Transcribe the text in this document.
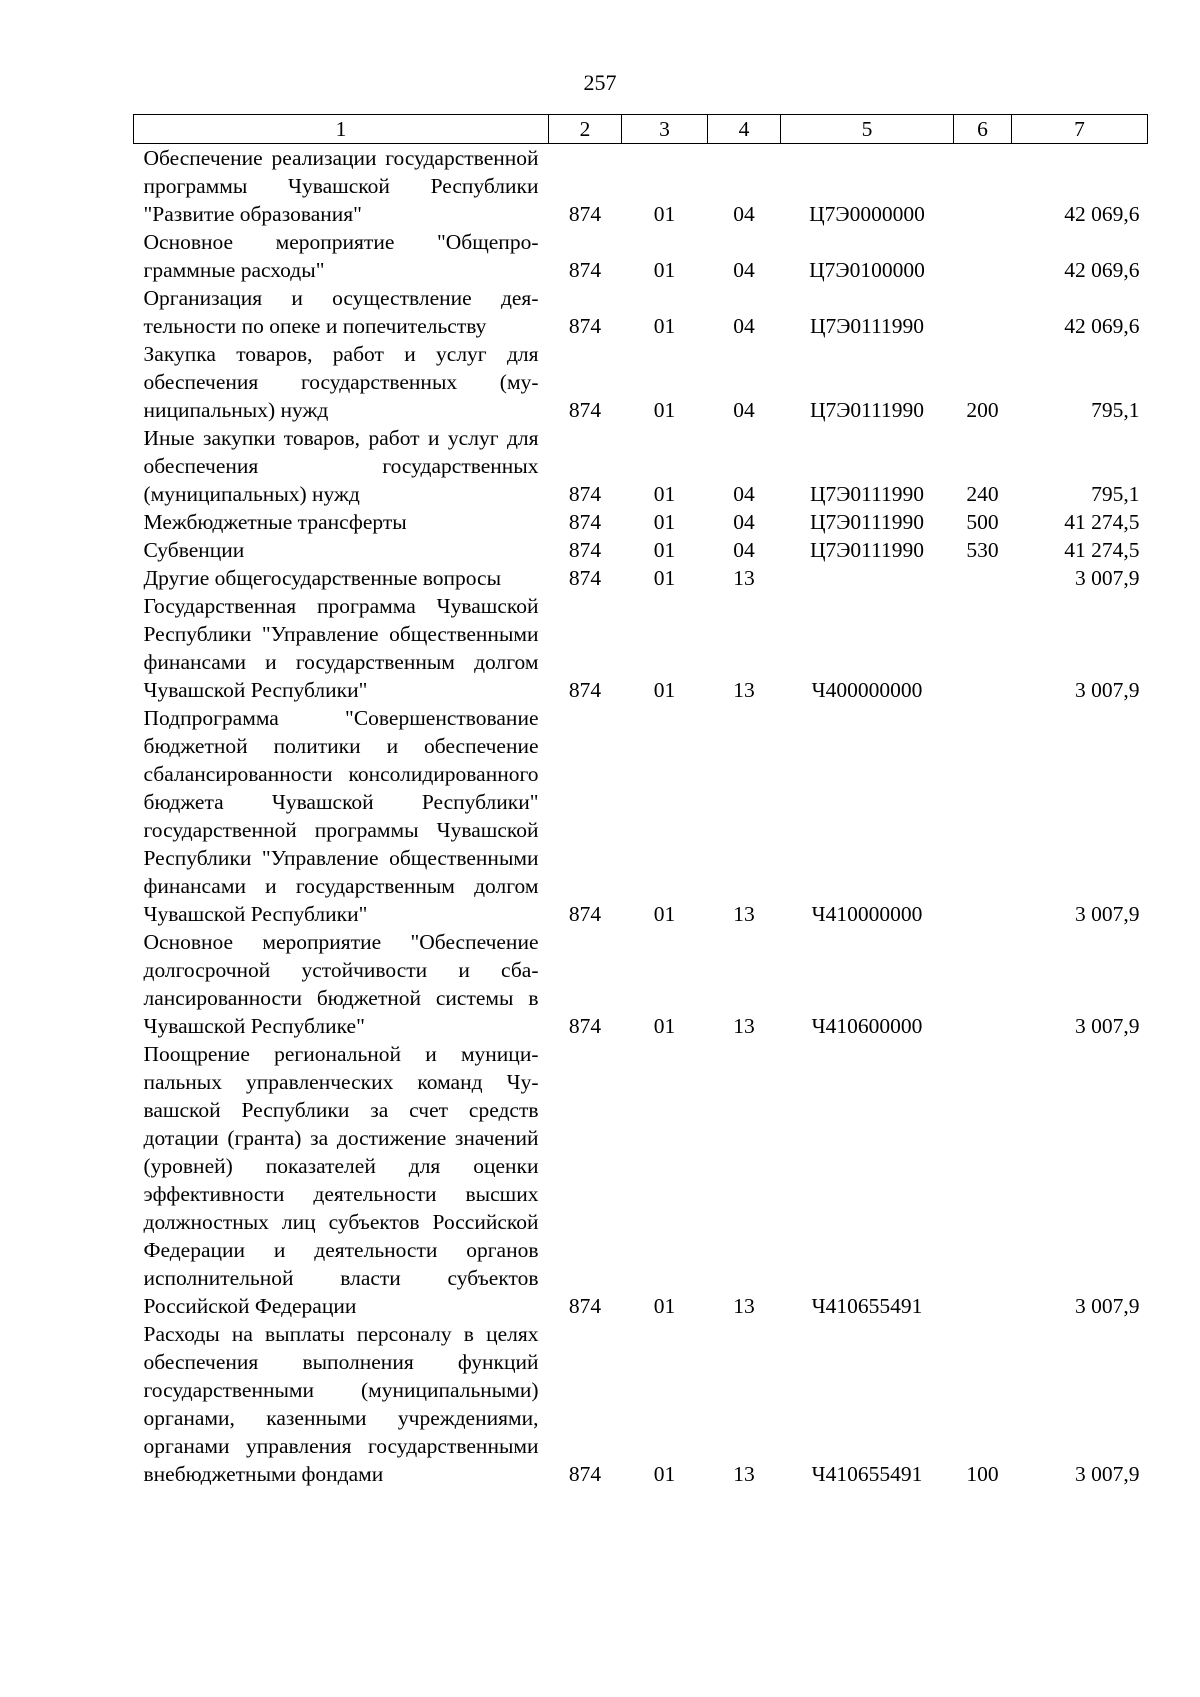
257
1	2	3	4	5	6	7
Обеспечение реализации государственной программы Чувашской Республики "Развитие образования"	874	01	04	Ц7Э0000000		42 069,6
Основное мероприятие "Общепрограммные расходы"	874	01	04	Ц7Э0100000		42 069,6
Организация и осуществление деятельности по опеке и попечительству	874	01	04	Ц7Э0111990		42 069,6
Закупка товаров, работ и услуг для обеспечения государственных (муниципальных) нужд	874	01	04	Ц7Э0111990	200	795,1
Иные закупки товаров, работ и услуг для обеспечения государственных (муниципальных) нужд	874	01	04	Ц7Э0111990	240	795,1
Межбюджетные трансферты	874	01	04	Ц7Э0111990	500	41 274,5
Субвенции	874	01	04	Ц7Э0111990	530	41 274,5
Другие общегосударственные вопросы	874	01	13			3 007,9
Государственная программа Чувашской Республики "Управление общественными финансами и государственным долгом Чувашской Республики"	874	01	13	Ч400000000		3 007,9
Подпрограмма "Совершенствование бюджетной политики и обеспечение сбалансированности консолидированного бюджета Чувашской Республики" государственной программы Чувашской Республики "Управление общественными финансами и государственным долгом Чувашской Республики"	874	01	13	Ч410000000		3 007,9
Основное мероприятие "Обеспечение долгосрочной устойчивости и сбалансированности бюджетной системы в Чувашской Республике"	874	01	13	Ч410600000		3 007,9
Поощрение региональной и муниципальных управленческих команд Чувашской Республики за счет средств дотации (гранта) за достижение значений (уровней) показателей для оценки эффективности деятельности высших должностных лиц субъектов Российской Федерации и деятельности органов исполнительной власти субъектов Российской Федерации	874	01	13	Ч410655491		3 007,9
Расходы на выплаты персоналу в целях обеспечения выполнения функций государственными (муниципальными) органами, казенными учреждениями, органами управления государственными внебюджетными фондами	874	01	13	Ч410655491	100	3 007,9
